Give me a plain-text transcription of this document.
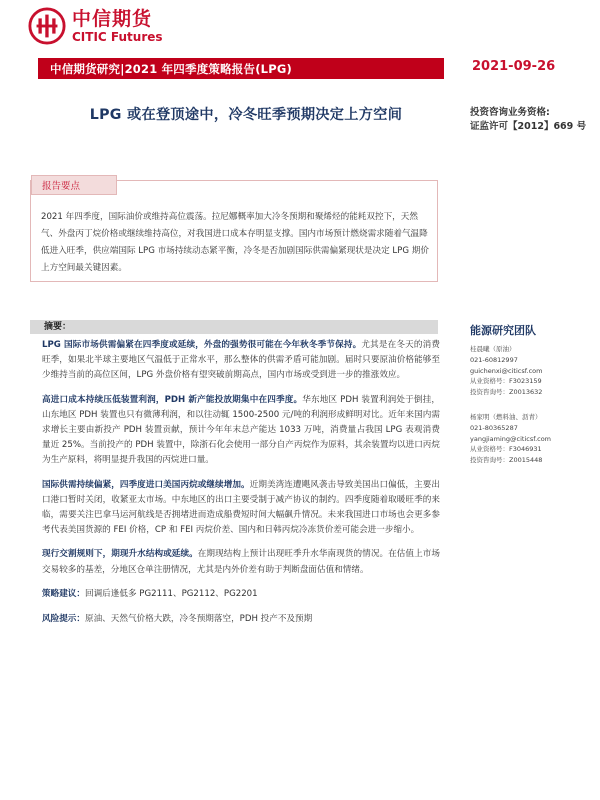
中信期货
CITIC Futures
中信期货研究|2021 年四季度策略报告(LPG)	2021-09-26
LPG 或在登顶途中，冷冬旺季预期决定上方空间	投资咨询业务资格:
证监许可【2012】669 号
报告要点
2021 年四季度，国际油价或维持高位震荡。拉尼娜概率加大冷冬预期和聚烯烃的能耗双控下，天然气、外盘丙丁烷价格或继续维持高位，对我国进口成本存明显支撑。国内市场预计燃烧需求随着气温降低进入旺季，供应端国际 LPG 市场持续动态紧平衡，冷冬是否加剧国际供需偏紧现状是决定 LPG 期价上方空间最关键因素。
摘要：

LPG 国际市场供需偏紧在四季度或延续，外盘的强势很可能在今年秋冬季节保持。尤其是在冬天的消费旺季，如果北半球主要地区气温低于正常水平，那么整体的供需矛盾可能加剧。届时只要原油价格能够至少维持当前的高位区间，LPG 外盘价格有望突破前期高点，国内市场或受到进一步的推涨效应。

高进口成本持续压低装置利润，PDH 新产能投放期集中在四季度。华东地区 PDH 装置利润处于倒挂，山东地区 PDH 装置也只有微薄利润，和以往动辄 1500-2500 元/吨的利润形成鲜明对比。近年来国内需求增长主要由新投产 PDH 装置贡献，预计今年年末总产能达 1033 万吨，消费量占我国 LPG 表观消费量近 25%。当前投产的 PDH 装置中，除浙石化会使用一部分自产丙烷作为原料，其余装置均以进口丙烷为生产原料，将明显提升我国的丙烷进口量。

国际供需持续偏紧，四季度进口美国丙烷或继续增加。近期美湾连遭飓风袭击导致美国出口偏低，主要出口港口暂时关闭，收紧亚太市场。中东地区的出口主要受制于减产协议的制约。四季度随着取暖旺季的来临，需要关注巴拿马运河航线是否拥堵进而造成船费短时间大幅飙升情况。未来我国进口市场也会更多参考代表美国货源的 FEI 价格，CP 和 FEI 丙烷价差、国内和日韩丙烷冷冻货价差可能会进一步缩小。

现行交割规则下，期现升水结构或延续。在期现结构上预计出现旺季升水华南现货的情况。在估值上市场交易较多的基差，分地区仓单注册情况，尤其是内外价差有助于判断盘面估值和情绪。

策略建议：回调后逢低多 PG2111、PG2112、PG2201

风险提示：原油、天然气价格大跌，冷冬预期落空，PDH 投产不及预期

能源研究团队
桂晨曦（原油）
021-60812997
guichenxi@citicsf.com
从业资格号：F3023159
投资咨询号：Z0013632
杨家明（燃料油、沥青）
021-80365287
yangjiaming@citicsf.com
从业资格号：F3046931
投资咨询号：Z0015448
